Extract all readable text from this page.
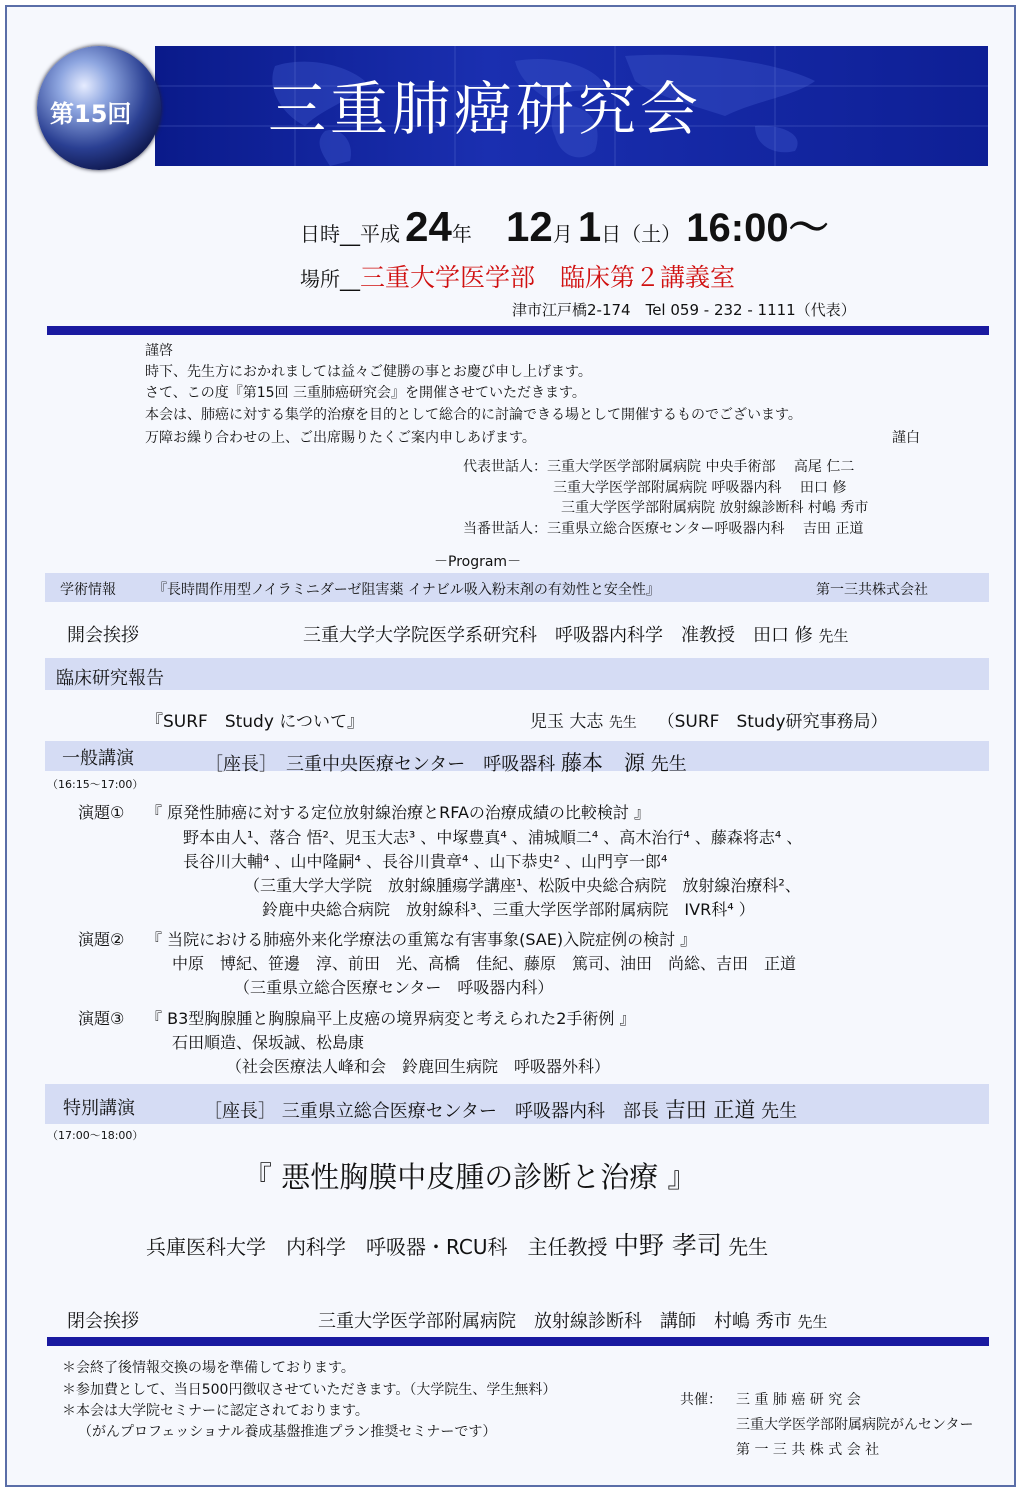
第15回 三重肺癌研究会
日時__平成 24年 12月 1日（土） 16:00～
場所__三重大学医学部　臨床第２講義室
津市江戸橋2-174　Tel 059 - 232 - 1111（代表）
謹啓
時下、先生方におかれましては益々ご健勝の事とお慶び申し上げます。
さて、この度『第15回 三重肺癌研究会』を開催させていただきます。
本会は、肺癌に対する集学的治療を目的として総合的に討論できる場として開催するものでございます。
万障お繰り合わせの上、ご出席賜りたくご案内申しあげます。	謹白
代表世話人：三重大学医学部附属病院 中央手術部　 高尾 仁二
三重大学医学部附属病院 呼吸器内科　 田口 修
三重大学医学部附属病院 放射線診断科 村嶋 秀市
当番世話人：三重県立総合医療センター呼吸器内科　 吉田 正道
－Program－
学術情報	『長時間作用型ノイラミニダーゼ阻害薬 イナビル吸入粉末剤の有効性と安全性』	第一三共株式会社
開会挨拶	三重大学大学院医学系研究科　呼吸器内科学　准教授　田口 修 先生
臨床研究報告
『SURF　Study について』	児玉 大志 先生 （SURF　Study研究事務局）
一般講演	［座長］　三重中央医療センター　呼吸器科 藤本　源 先生
（16:15～17:00）
演題① 『 原発性肺癌に対する定位放射線治療とRFAの治療成績の比較検討 』
野本由人¹、落合 悟²、児玉大志³ 、中塚豊真⁴ 、浦城順二⁴ 、高木治行⁴ 、藤森将志⁴ 、
長谷川大輔⁴ 、山中隆嗣⁴ 、長谷川貴章⁴ 、山下恭史² 、山門亨一郎⁴
（三重大学大学院　放射線腫瘍学講座¹、松阪中央総合病院　放射線治療科²、
鈴鹿中央総合病院　放射線科³、三重大学医学部附属病院　IVR科⁴ ）
演題② 『 当院における肺癌外来化学療法の重篤な有害事象(SAE)入院症例の検討 』
中原　博紀、笹邊　淳、前田　光、高橋　佳紀、藤原　篤司、油田　尚総、吉田　正道
（三重県立総合医療センター　呼吸器内科）
演題③ 『 B3型胸腺腫と胸腺扁平上皮癌の境界病変と考えられた2手術例 』
石田順造、保坂誠、松島康
（社会医療法人峰和会　鈴鹿回生病院　呼吸器外科）
特別講演	［座長］ 三重県立総合医療センター　呼吸器内科　部長 吉田 正道 先生
（17:00～18:00）
『 悪性胸膜中皮腫の診断と治療 』
兵庫医科大学　内科学　呼吸器・RCU科　主任教授 中野 孝司 先生
閉会挨拶	三重大学医学部附属病院　放射線診断科　講師　村嶋 秀市 先生
＊会終了後情報交換の場を準備しております。
＊参加費として、当日500円徴収させていただきます。（大学院生、学生無料）
＊本会は大学院セミナーに認定されております。
（がんプロフェッショナル養成基盤推進プラン推奨セミナーです）
共催： 三 重 肺 癌 研 究 会
三重大学医学部附属病院がんセンター
第 一 三 共 株 式 会 社
